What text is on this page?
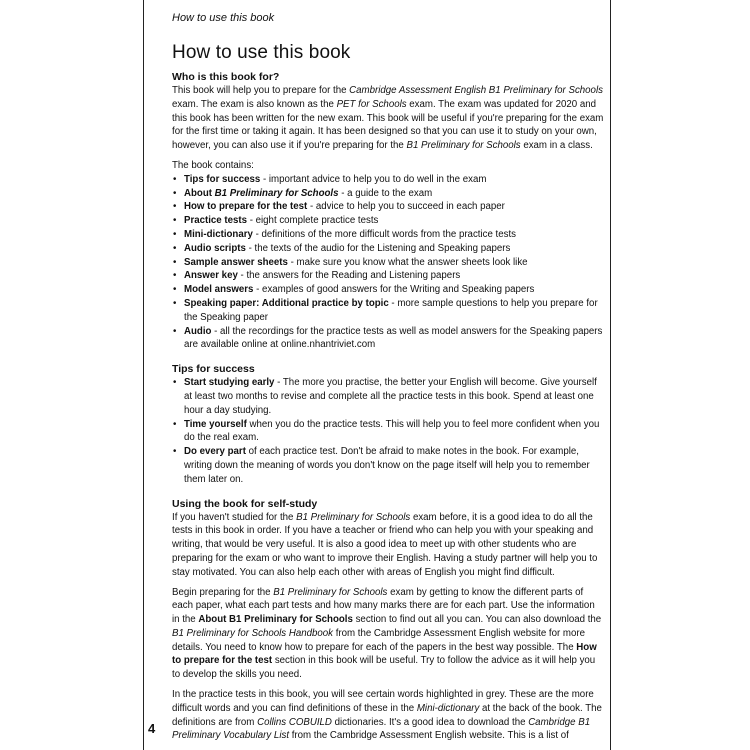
How to use this book
How to use this book

Who is this book for?

This book will help you to prepare for the Cambridge Assessment English B1 Preliminary for Schools exam. The exam is also known as the PET for Schools exam. The exam was updated for 2020 and this book has been written for the new exam. This book will be useful if you're preparing for the exam for the first time or taking it again. It has been designed so that you can use it to study on your own, however, you can also use it if you're preparing for the B1 Preliminary for Schools exam in a class.

The book contains:

• Tips for success - important advice to help you to do well in the exam
• About B1 Preliminary for Schools - a guide to the exam
• How to prepare for the test - advice to help you to succeed in each paper
• Practice tests - eight complete practice tests
• Mini-dictionary - definitions of the more difficult words from the practice tests
• Audio scripts - the texts of the audio for the Listening and Speaking papers
• Sample answer sheets - make sure you know what the answer sheets look like
• Answer key - the answers for the Reading and Listening papers
• Model answers - examples of good answers for the Writing and Speaking papers
• Speaking paper: Additional practice by topic - more sample questions to help you prepare for the Speaking paper
• Audio - all the recordings for the practice tests as well as model answers for the Speaking papers are available online at online.nhantriviet.com

Tips for success

• Start studying early - The more you practise, the better your English will become. Give yourself at least two months to revise and complete all the practice tests in this book. Spend at least one hour a day studying.
• Time yourself when you do the practice tests. This will help you to feel more confident when you do the real exam.
• Do every part of each practice test. Don't be afraid to make notes in the book. For example, writing down the meaning of words you don't know on the page itself will help you to remember them later on.

Using the book for self-study

If you haven't studied for the B1 Preliminary for Schools exam before, it is a good idea to do all the tests in this book in order. If you have a teacher or friend who can help you with your speaking and writing, that would be very useful. It is also a good idea to meet up with other students who are preparing for the exam or who want to improve their English. Having a study partner will help you to stay motivated. You can also help each other with areas of English you might find difficult.

Begin preparing for the B1 Preliminary for Schools exam by getting to know the different parts of each paper, what each part tests and how many marks there are for each part. Use the information in the About B1 Preliminary for Schools section to find out all you can. You can also download the B1 Preliminary for Schools Handbook from the Cambridge Assessment English website for more details. You need to know how to prepare for each of the papers in the best way possible. The How to prepare for the test section in this book will be useful. Try to follow the advice as it will help you to develop the skills you need.

In the practice tests in this book, you will see certain words highlighted in grey. These are the more difficult words and you can find definitions of these in the Mini-dictionary at the back of the book. The definitions are from Collins COBUILD dictionaries. It's a good idea to download the Cambridge B1 Preliminary Vocabulary List from the Cambridge Assessment English website. This is a list of

4
